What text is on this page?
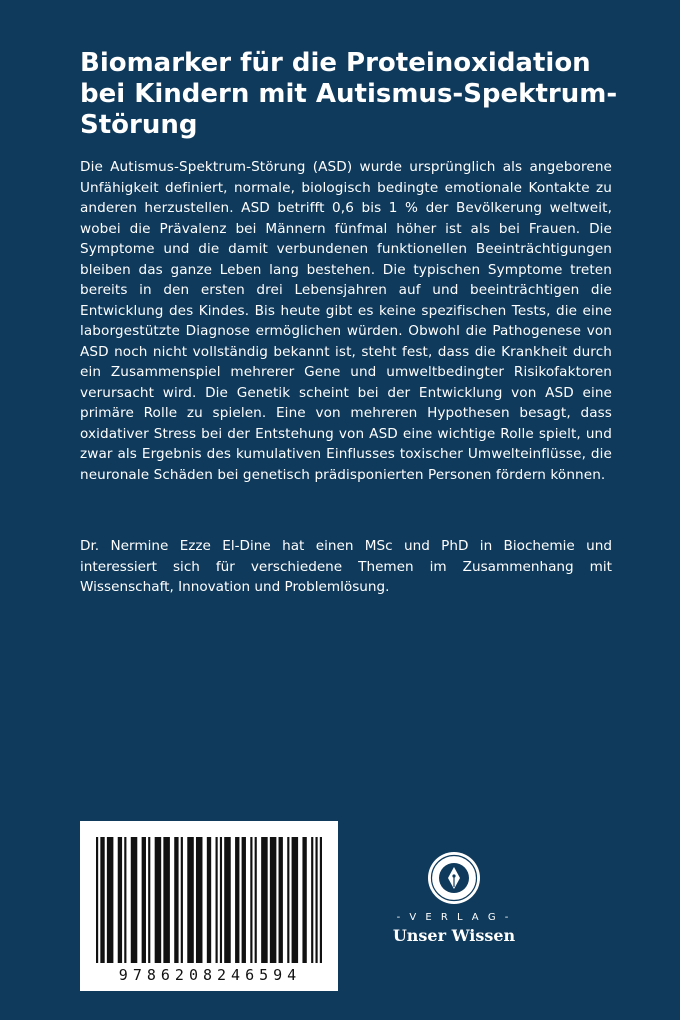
Biomarker für die Proteinoxidation bei Kindern mit Autismus-Spektrum-Störung

Die Autismus-Spektrum-Störung (ASD) wurde ursprünglich als angeborene Unfähigkeit definiert, normale, biologisch bedingte emotionale Kontakte zu anderen herzustellen. ASD betrifft 0,6 bis 1 % der Bevölkerung weltweit, wobei die Prävalenz bei Männern fünfmal höher ist als bei Frauen. Die Symptome und die damit verbundenen funktionellen Beeinträchtigungen bleiben das ganze Leben lang bestehen. Die typischen Symptome treten bereits in den ersten drei Lebensjahren auf und beeinträchtigen die Entwicklung des Kindes. Bis heute gibt es keine spezifischen Tests, die eine laborgestützte Diagnose ermöglichen würden. Obwohl die Pathogenese von ASD noch nicht vollständig bekannt ist, steht fest, dass die Krankheit durch ein Zusammenspiel mehrerer Gene und umweltbedingter Risikofaktoren verursacht wird. Die Genetik scheint bei der Entwicklung von ASD eine primäre Rolle zu spielen. Eine von mehreren Hypothesen besagt, dass oxidativer Stress bei der Entstehung von ASD eine wichtige Rolle spielt, und zwar als Ergebnis des kumulativen Einflusses toxischer Umwelteinflüsse, die neuronale Schäden bei genetisch prädisponierten Personen fördern können.

Dr. Nermine Ezze El-Dine hat einen MSc und PhD in Biochemie und interessiert sich für verschiedene Themen im Zusammenhang mit Wissenschaft, Innovation und Problemlösung.

9786208246594
- V E R L A G -
Unser Wissen
